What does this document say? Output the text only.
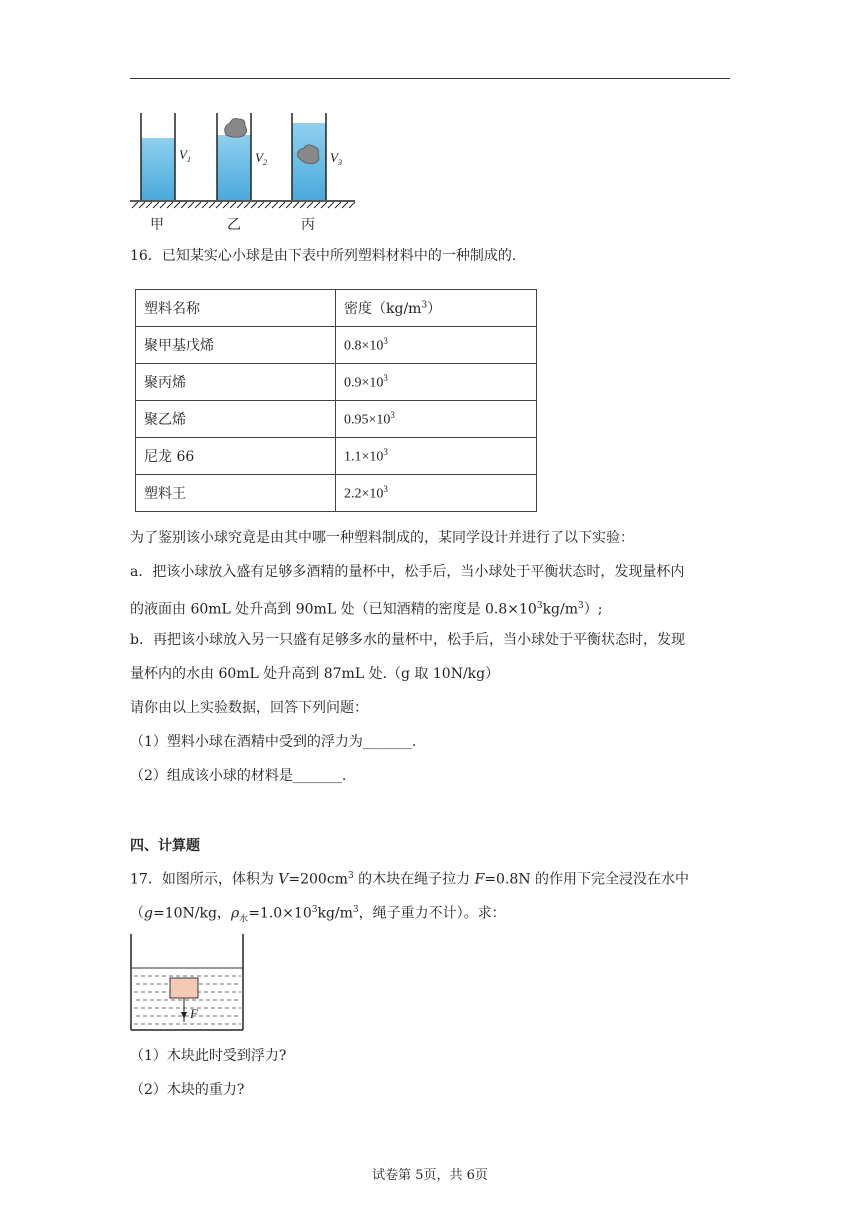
$V_1$	$V_2$	$V_3$
甲	乙	丙
16．已知某实心小球是由下表中所列塑料材料中的一种制成的.
塑料名称	密度$(kg/m^3)$
聚甲基戊烯	$0.8\times 10^3$
聚丙烯	$0.9\times 10^3$
聚乙烯	$0.95\times 10^3$
尼龙 66	$1.1\times 10^3$
塑料王	$2.2\times 10^3$
为了鉴别该小球究竟是由其中哪一种塑料制成的，某同学设计并进行了以下实验：
a．把该小球放入盛有足够多酒精的量杯中，松手后，当小球处于平衡状态时，发现量杯内
的液面由 60mL 处升高到 90mL 处（已知酒精的密度是 $0.8\times 10^3kg/m^3$）;
b．再把该小球放入另一只盛有足够多水的量杯中，松手后，当小球处于平衡状态时，发现
量杯内的水由 60mL 处升高到 87mL 处.（g 取 10N/kg）
请你由以上实验数据，回答下列问题：
（1）塑料小球在酒精中受到的浮力为_______.
（2）组成该小球的材料是_______.
四、计算题
17．如图所示，体积为 $V=200cm^3$ 的木块在绳子拉力 F=0.8N 的作用下完全浸没在水中
（g=10N/kg，$\rho_水=1.0\times 10^3kg/m^3$，绳子重力不计）。求：
F
（1）木块此时受到浮力?
（2）木块的重力?
试卷第 5页，共 6页
